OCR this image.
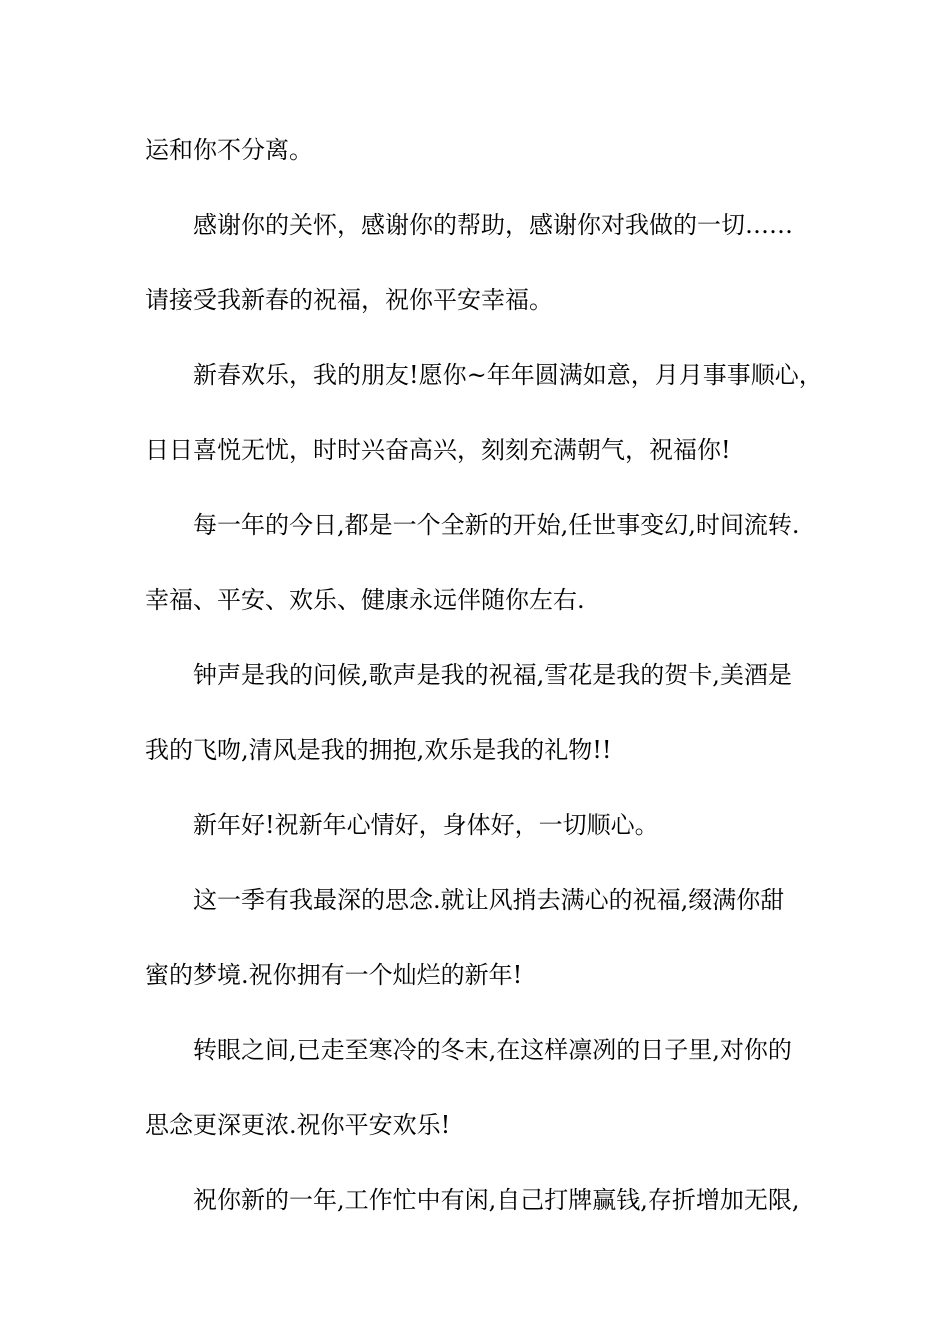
运和你不分离。
感谢你的关怀，感谢你的帮助，感谢你对我做的一切……
请接受我新春的祝福，祝你平安幸福。
新春欢乐，我的朋友!愿你~年年圆满如意，月月事事顺心，
日日喜悦无忧，时时兴奋高兴，刻刻充满朝气，祝福你!
每一年的今日,都是一个全新的开始,任世事变幻,时间流转.
幸福、平安、欢乐、健康永远伴随你左右.
钟声是我的问候,歌声是我的祝福,雪花是我的贺卡,美酒是
我的飞吻,清风是我的拥抱,欢乐是我的礼物!!
新年好!祝新年心情好，身体好，一切顺心。
这一季有我最深的思念.就让风捎去满心的祝福,缀满你甜
蜜的梦境.祝你拥有一个灿烂的新年!
转眼之间,已走至寒冷的冬末,在这样凛冽的日子里,对你的
思念更深更浓.祝你平安欢乐!
祝你新的一年,工作忙中有闲,自己打牌赢钱,存折增加无限,
